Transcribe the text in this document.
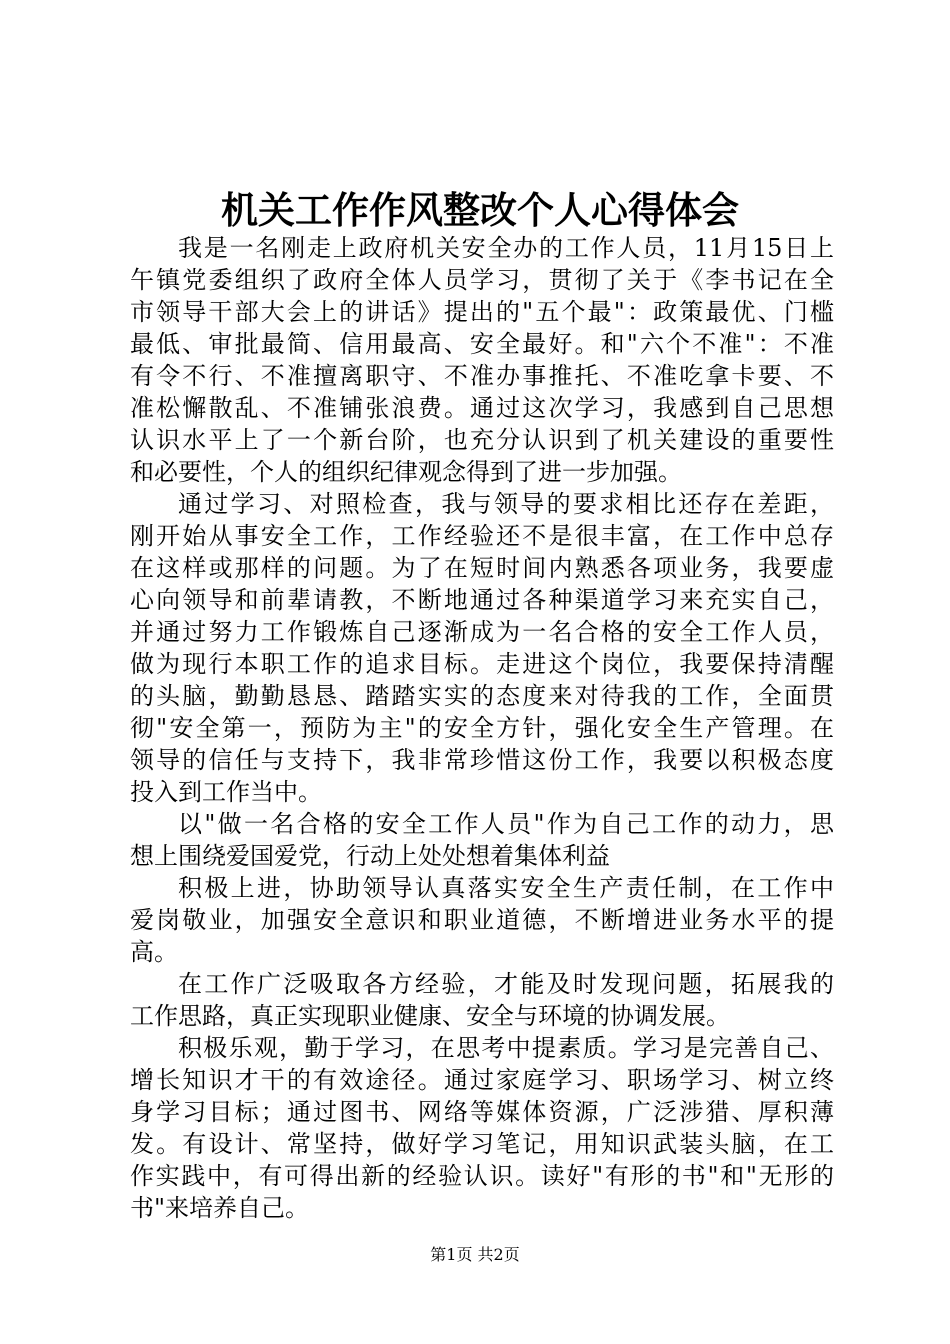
机关工作作风整改个人心得体会
我是一名刚走上政府机关安全办的工作人员，11月15日上
午镇党委组织了政府全体人员学习，贯彻了关于《李书记在全
市领导干部大会上的讲话》提出的"五个最"：政策最优、门槛
最低、审批最简、信用最高、安全最好。和"六个不准"：不准
有令不行、不准擅离职守、不准办事推托、不准吃拿卡要、不
准松懈散乱、不准铺张浪费。通过这次学习，我感到自己思想
认识水平上了一个新台阶，也充分认识到了机关建设的重要性
和必要性，个人的组织纪律观念得到了进一步加强。
通过学习、对照检查，我与领导的要求相比还存在差距，
刚开始从事安全工作，工作经验还不是很丰富，在工作中总存
在这样或那样的问题。为了在短时间内熟悉各项业务，我要虚
心向领导和前辈请教，不断地通过各种渠道学习来充实自己，
并通过努力工作锻炼自己逐渐成为一名合格的安全工作人员，
做为现行本职工作的追求目标。走进这个岗位，我要保持清醒
的头脑，勤勤恳恳、踏踏实实的态度来对待我的工作，全面贯
彻"安全第一，预防为主"的安全方针，强化安全生产管理。在
领导的信任与支持下，我非常珍惜这份工作，我要以积极态度
投入到工作当中。
以"做一名合格的安全工作人员"作为自己工作的动力，思
想上围绕爱国爱党，行动上处处想着集体利益
积极上进，协助领导认真落实安全生产责任制，在工作中
爱岗敬业，加强安全意识和职业道德，不断增进业务水平的提
高。
在工作广泛吸取各方经验，才能及时发现问题，拓展我的
工作思路，真正实现职业健康、安全与环境的协调发展。
积极乐观，勤于学习，在思考中提素质。学习是完善自己、
增长知识才干的有效途径。通过家庭学习、职场学习、树立终
身学习目标；通过图书、网络等媒体资源，广泛涉猎、厚积薄
发。有设计、常坚持，做好学习笔记，用知识武装头脑，在工
作实践中，有可得出新的经验认识。读好"有形的书"和"无形的
书"来培养自己。
第1页 共2页
